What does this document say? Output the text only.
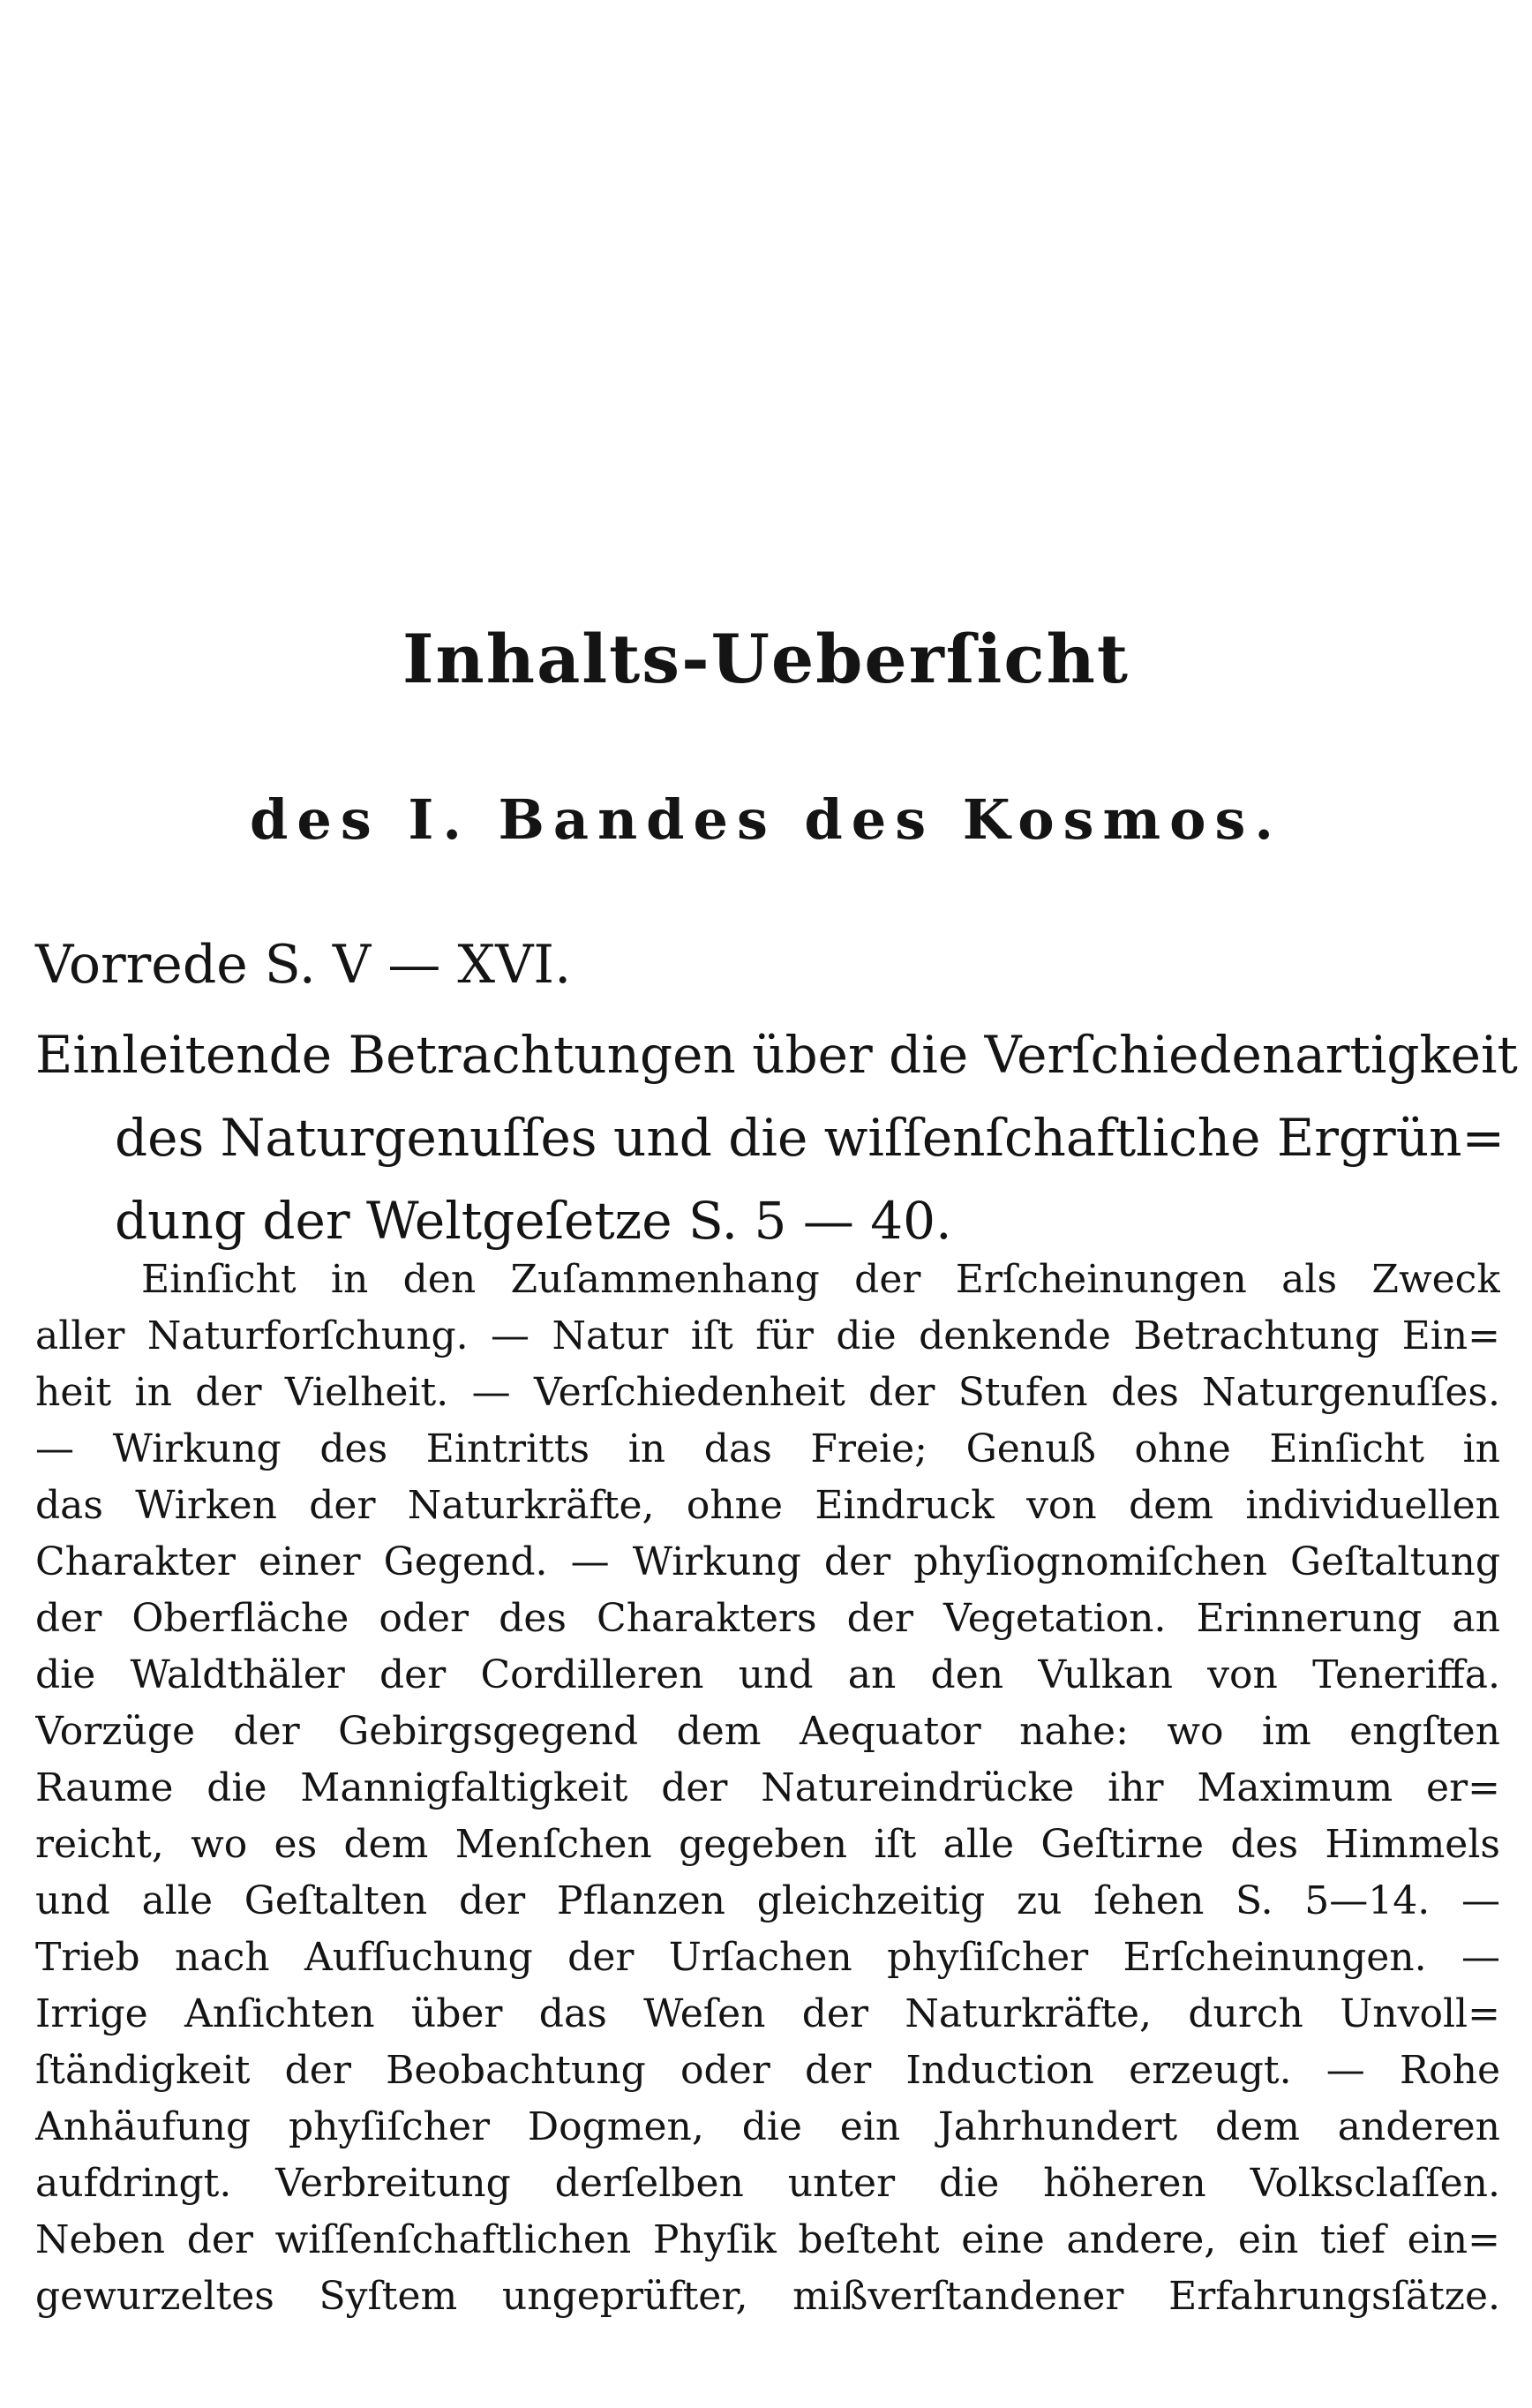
Inhalts-Ueberſicht
des I. Bandes des Kosmos.
Vorrede S. V — XVI.
Einleitende Betrachtungen über die Verſchiedenartigkeit
des Naturgenuſſes und die wiſſenſchaftliche Ergrün=
dung der Weltgeſetze S. 5 — 40.
Einſicht in den Zuſammenhang der Erſcheinungen als Zweck
aller Naturforſchung. — Natur iſt für die denkende Betrachtung Ein=
heit in der Vielheit. — Verſchiedenheit der Stufen des Naturgenuſſes.
— Wirkung des Eintritts in das Freie; Genuß ohne Einſicht in
das Wirken der Naturkräfte, ohne Eindruck von dem individuellen
Charakter einer Gegend. — Wirkung der phyſiognomiſchen Geſtaltung
der Oberfläche oder des Charakters der Vegetation. Erinnerung an
die Waldthäler der Cordilleren und an den Vulkan von Teneriffa.
Vorzüge der Gebirgsgegend dem Aequator nahe: wo im engſten
Raume die Mannigfaltigkeit der Natureindrücke ihr Maximum er=
reicht, wo es dem Menſchen gegeben iſt alle Geſtirne des Himmels
und alle Geſtalten der Pflanzen gleichzeitig zu ſehen S. 5—14. —
Trieb nach Aufſuchung der Urſachen phyſiſcher Erſcheinungen. —
Irrige Anſichten über das Weſen der Naturkräfte, durch Unvoll=
ſtändigkeit der Beobachtung oder der Induction erzeugt. — Rohe
Anhäufung phyſiſcher Dogmen, die ein Jahrhundert dem anderen
aufdringt. Verbreitung derſelben unter die höheren Volksclaſſen.
Neben der wiſſenſchaftlichen Phyſik beſteht eine andere, ein tief ein=
gewurzeltes Syſtem ungeprüfter, mißverſtandener Erfahrungsſätze.
